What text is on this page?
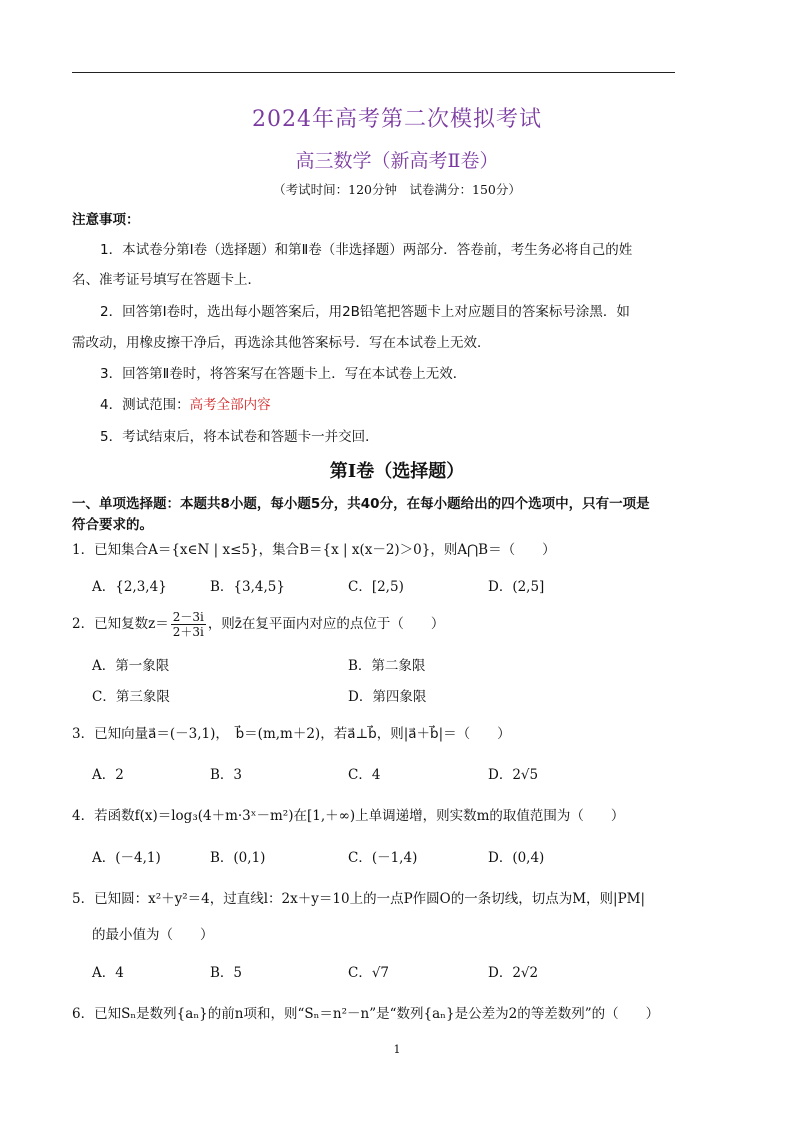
2024年高考第二次模拟考试
高三数学（新高考Ⅱ卷）
（考试时间：120分钟　试卷满分：150分）
注意事项：
1．本试卷分第Ⅰ卷（选择题）和第Ⅱ卷（非选择题）两部分．答卷前，考生务必将自己的姓
名、准考证号填写在答题卡上．
2．回答第Ⅰ卷时，选出每小题答案后，用2B铅笔把答题卡上对应题目的答案标号涂黑．如
需改动，用橡皮擦干净后，再选涂其他答案标号．写在本试卷上无效．
3．回答第Ⅱ卷时，将答案写在答题卡上．写在本试卷上无效．
4．测试范围：高考全部内容
5．考试结束后，将本试卷和答题卡一并交回．
第Ⅰ卷（选择题）
一、单项选择题：本题共8小题，每小题5分，共40分，在每小题给出的四个选项中，只有一项是
符合要求的。
1．已知集合A＝{x∈N | x≤5}，集合B＝{x | x(x－2)＞0}，则A⋂B＝（　　）
A．{2,3,4}	B．{3,4,5}	C．[2,5)	D．(2,5]
2．已知复数$z= \frac{2-3i}{2+3i}$ ，则z̄在复平面内对应的点位于（　　）
A．第一象限	B．第二象限
C．第三象限	D．第四象限
3．已知向量a⃗＝(－3,1)，　b⃗＝(m,m＋2)，若a⃗⊥b⃗，则|a⃗＋b⃗|＝（　　）
A．2	B．3	C．4	D．2√5
4．若函数f(x)＝log₃(4＋m·3ˣ－m²)在[1,＋∞)上单调递增，则实数m的取值范围为（　　）
A．(－4,1)	B．(0,1)	C．(－1,4)	D．(0,4)
5．已知圆：x²＋y²＝4，过直线l：2x＋y＝10上的一点P作圆O的一条切线，切点为M，则|PM|
的最小值为（　　）
A．4	B．5	C．√7	D．2√2
6．已知Sₙ是数列{aₙ}的前n项和，则“Sₙ＝n²－n”是“数列{aₙ}是公差为2的等差数列”的（　　）
1
